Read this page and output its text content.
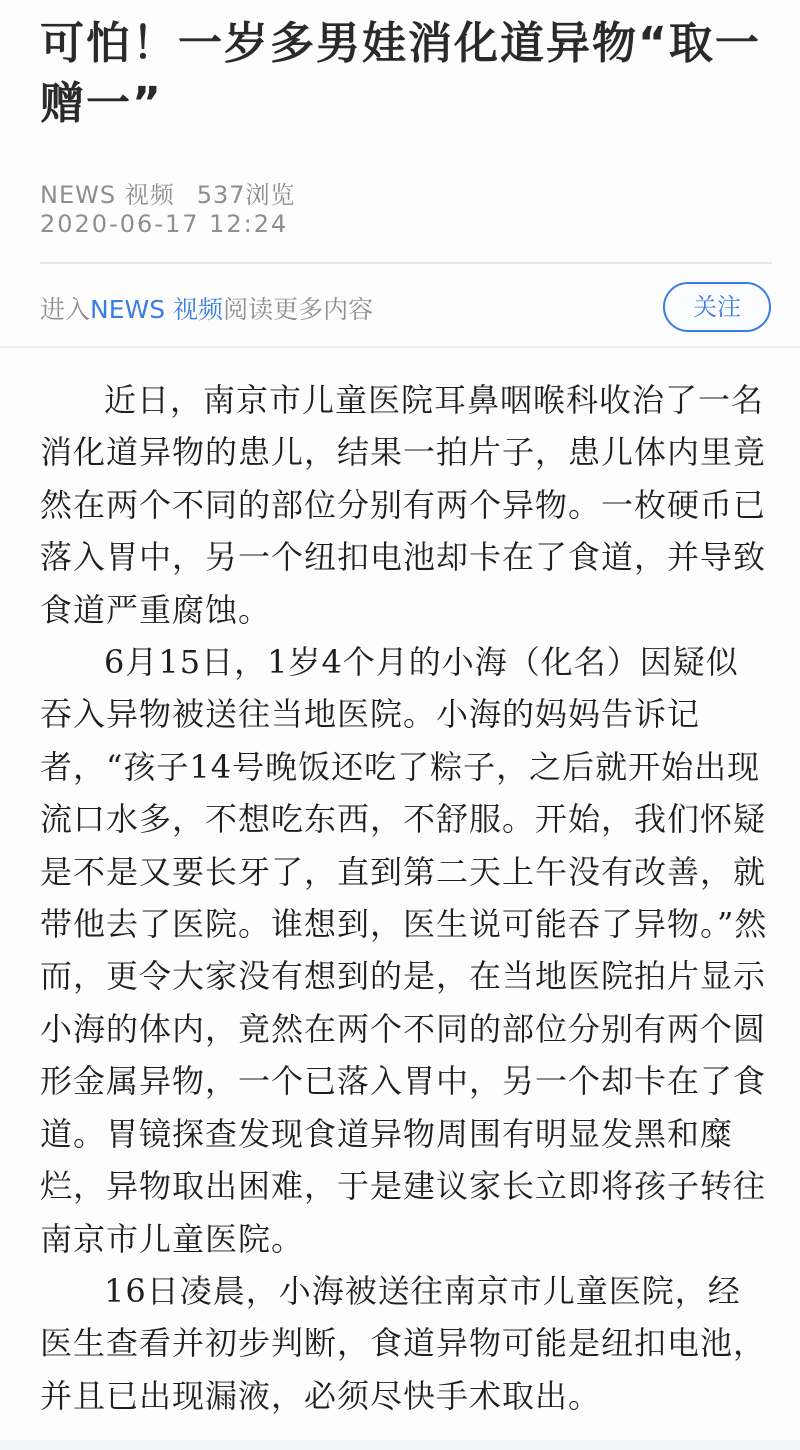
可怕！一岁多男娃消化道异物“取一赠一”
NEWS 视频 537浏览
2020-06-17 12:24
进入NEWS 视频阅读更多内容	关注

近日，南京市儿童医院耳鼻咽喉科收治了一名消化道异物的患儿，结果一拍片子，患儿体内里竟然在两个不同的部位分别有两个异物。一枚硬币已落入胃中，另一个纽扣电池却卡在了食道，并导致食道严重腐蚀。

6月15日，1岁4个月的小海（化名）因疑似吞入异物被送往当地医院。小海的妈妈告诉记者，“孩子14号晚饭还吃了粽子，之后就开始出现流口水多，不想吃东西，不舒服。开始，我们怀疑是不是又要长牙了，直到第二天上午没有改善，就带他去了医院。谁想到，医生说可能吞了异物。”然而，更令大家没有想到的是，在当地医院拍片显示小海的体内，竟然在两个不同的部位分别有两个圆形金属异物，一个已落入胃中，另一个却卡在了食道。胃镜探查发现食道异物周围有明显发黑和糜烂，异物取出困难，于是建议家长立即将孩子转往南京市儿童医院。

16日凌晨，小海被送往南京市儿童医院，经医生查看并初步判断，食道异物可能是纽扣电池，并且已出现漏液，必须尽快手术取出。
